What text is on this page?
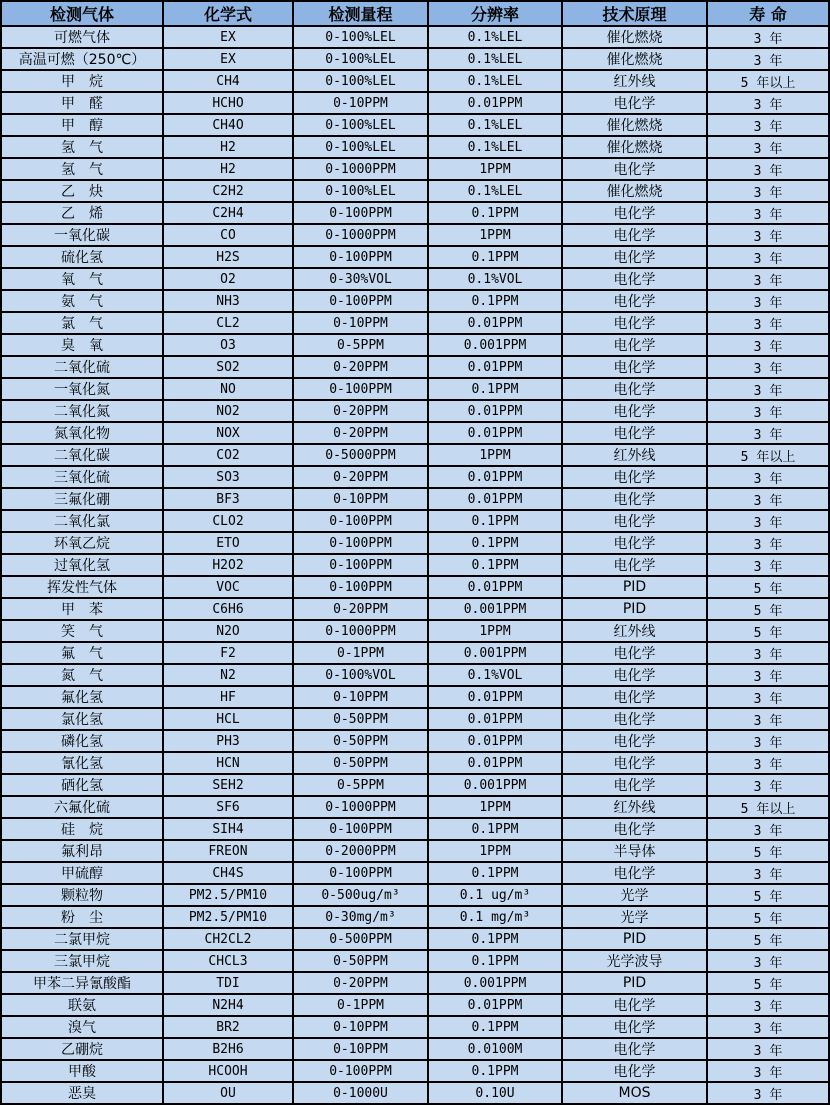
检测气体	化学式	检测量程	分辨率	技术原理	寿 命
可燃气体	EX	0-100%LEL	0.1%LEL	催化燃烧	3 年
高温可燃（250℃）	EX	0-100%LEL	0.1%LEL	催化燃烧	3 年
甲　烷	CH4	0-100%LEL	0.1%LEL	红外线	5 年以上
甲　醛	HCHO	0-10PPM	0.01PPM	电化学	3 年
甲　醇	CH4O	0-100%LEL	0.1%LEL	催化燃烧	3 年
氢　气	H2	0-100%LEL	0.1%LEL	催化燃烧	3 年
氢　气	H2	0-1000PPM	1PPM	电化学	3 年
乙　炔	C2H2	0-100%LEL	0.1%LEL	催化燃烧	3 年
乙　烯	C2H4	0-100PPM	0.1PPM	电化学	3 年
一氧化碳	CO	0-1000PPM	1PPM	电化学	3 年
硫化氢	H2S	0-100PPM	0.1PPM	电化学	3 年
氧　气	O2	0-30%VOL	0.1%VOL	电化学	3 年
氨　气	NH3	0-100PPM	0.1PPM	电化学	3 年
氯　气	CL2	0-10PPM	0.01PPM	电化学	3 年
臭　氧	O3	0-5PPM	0.001PPM	电化学	3 年
二氧化硫	SO2	0-20PPM	0.01PPM	电化学	3 年
一氧化氮	NO	0-100PPM	0.1PPM	电化学	3 年
二氧化氮	NO2	0-20PPM	0.01PPM	电化学	3 年
氮氧化物	NOX	0-20PPM	0.01PPM	电化学	3 年
二氧化碳	CO2	0-5000PPM	1PPM	红外线	5 年以上
三氧化硫	SO3	0-20PPM	0.01PPM	电化学	3 年
三氟化硼	BF3	0-10PPM	0.01PPM	电化学	3 年
二氧化氯	CLO2	0-100PPM	0.1PPM	电化学	3 年
环氧乙烷	ETO	0-100PPM	0.1PPM	电化学	3 年
过氧化氢	H2O2	0-100PPM	0.1PPM	电化学	3 年
挥发性气体	VOC	0-100PPM	0.01PPM	PID	5 年
甲　苯	C6H6	0-20PPM	0.001PPM	PID	5 年
笑　气	N2O	0-1000PPM	1PPM	红外线	5 年
氟　气	F2	0-1PPM	0.001PPM	电化学	3 年
氮　气	N2	0-100%VOL	0.1%VOL	电化学	3 年
氟化氢	HF	0-10PPM	0.01PPM	电化学	3 年
氯化氢	HCL	0-50PPM	0.01PPM	电化学	3 年
磷化氢	PH3	0-50PPM	0.01PPM	电化学	3 年
氰化氢	HCN	0-50PPM	0.01PPM	电化学	3 年
硒化氢	SEH2	0-5PPM	0.001PPM	电化学	3 年
六氟化硫	SF6	0-1000PPM	1PPM	红外线	5 年以上
硅　烷	SIH4	0-100PPM	0.1PPM	电化学	3 年
氟利昂	FREON	0-2000PPM	1PPM	半导体	5 年
甲硫醇	CH4S	0-100PPM	0.1PPM	电化学	3 年
颗粒物	PM2.5/PM10	0-500ug/m³	0.1 ug/m³	光学	5 年
粉　尘	PM2.5/PM10	0-30mg/m³	0.1 mg/m³	光学	5 年
二氯甲烷	CH2CL2	0-500PPM	0.1PPM	PID	5 年
三氯甲烷	CHCL3	0-50PPM	0.1PPM	光学波导	3 年
甲苯二异氰酸酯	TDI	0-20PPM	0.001PPM	PID	5 年
联氨	N2H4	0-1PPM	0.01PPM	电化学	3 年
溴气	BR2	0-10PPM	0.1PPM	电化学	3 年
乙硼烷	B2H6	0-10PPM	0.0100M	电化学	3 年
甲酸	HCOOH	0-100PPM	0.1PPM	电化学	3 年
恶臭	OU	0-1000U	0.10U	MOS	3 年
